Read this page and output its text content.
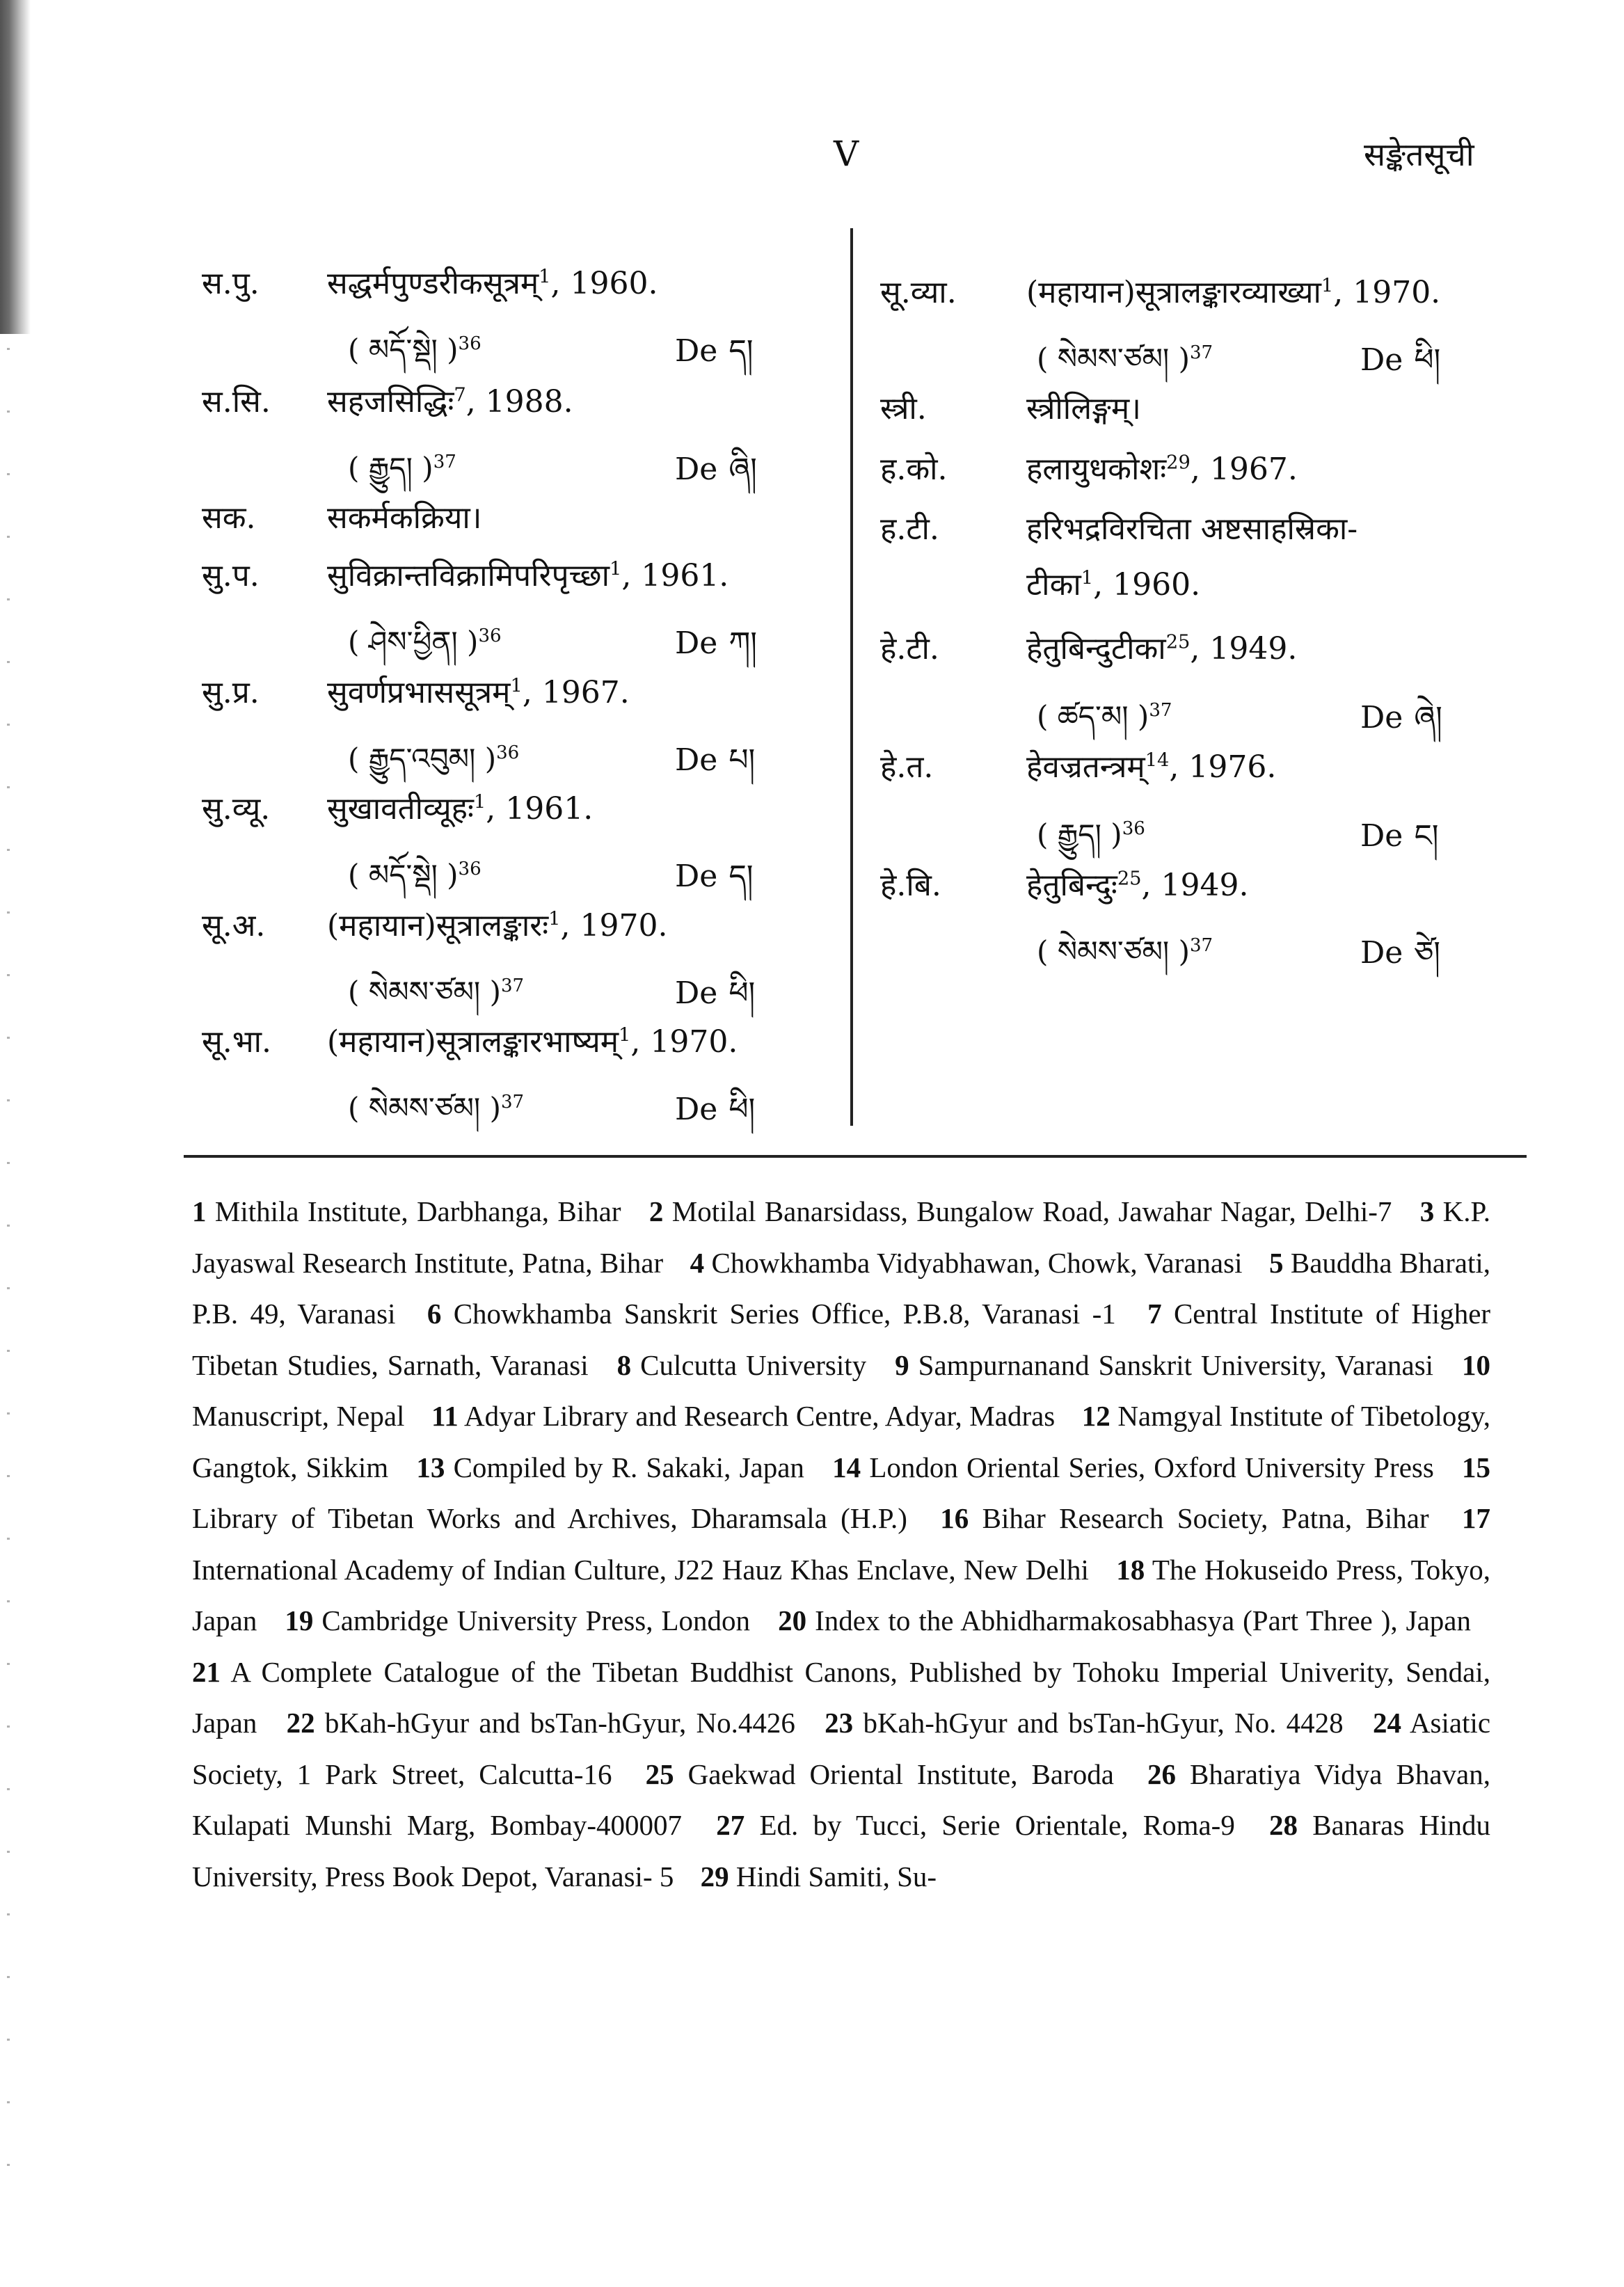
V	सङ्केतसूची
स.पु. सद्धर्मपुण्डरीकसूत्रम्$^1$, 1960.
( མདོ་སྡེ། )$^{36}$	De ད།
स.सि. सहजसिद्धिः$^7$, 1988.
( རྒྱུད། )$^{37}$	De ཞི།
सक. सकर्मकक्रिया।
सु.प. सुविक्रान्तविक्रामिपरिपृच्छा$^1$, 1961.
( ཤེས་ཕྱིན། )$^{36}$	De ཀ།
सु.प्र. सुवर्णप्रभाससूत्रम्$^1$, 1967.
( རྒྱུད་འབུམ། )$^{36}$	De པ།
सु.व्यू. सुखावतीव्यूहः$^1$, 1961.
( མདོ་སྡེ། )$^{36}$	De ད།
सू.अ. (महायान)सूत्रालङ्कारः$^1$, 1970.
( སེམས་ཙམ། )$^{37}$	De ཕི།
सू.भा. (महायान)सूत्रालङ्कारभाष्यम्$^1$, 1970.
( སེམས་ཙམ། )$^{37}$	De ཕི།
सू.व्या. (महायान)सूत्रालङ्कारव्याख्या$^1$, 1970.
( སེམས་ཙམ། )$^{37}$	De ཕི།
स्त्री.	स्त्रीलिङ्गम्।
ह.को.	हलायुधकोशः$^{29}$, 1967.
ह.टी.	हरिभद्रविरचिता अष्टसाहस्रिका-
टीका$^1$, 1960.
हे.टी.	हेतुबिन्दुटीका$^{25}$, 1949.
( ཚད་མ། )$^{37}$	De ཞེ།
हे.त.	हेवज्रतन्त्रम्$^{14}$, 1976.
( རྒྱུད། )$^{36}$	De ང།
हे.बि.	हेतुबिन्दुः$^{25}$, 1949.
( སེམས་ཙམ། )$^{37}$	De ཙེ།
1 Mithila Institute, Darbhanga, Bihar 2 Motilal Banarsidass, Bungalow Road, Jawahar Nagar, Delhi-7 3 K.P. Jayaswal Research Institute, Patna, Bihar 4 Chowkhamba Vidyabhawan, Chowk, Varanasi 5 Bauddha Bharati, P.B. 49, Varanasi 6 Chowkhamba Sanskrit Series Office, P.B.8, Varanasi -1 7 Central Institute of Higher Tibetan Studies, Sarnath, Varanasi 8 Culcutta University 9 Sampurnanand Sanskrit University, Varanasi 10 Manuscript, Nepal 11 Adyar Library and Research Centre, Adyar, Madras 12 Namgyal Institute of Tibetology, Gangtok, Sikkim 13 Compiled by R. Sakaki, Japan 14 London Oriental Series, Oxford University Press 15 Library of Tibetan Works and Archives, Dharamsala (H.P.) 16 Bihar Research Society, Patna, Bihar 17 International Academy of Indian Culture, J22 Hauz Khas Enclave, New Delhi 18 The Hokuseido Press, Tokyo, Japan 19 Cambridge University Press, London 20 Index to the Abhidharmakosabhasya (Part Three ), Japan 21 A Complete Catalogue of the Tibetan Buddhist Canons, Published by Tohoku Imperial Univerity, Sendai, Japan 22 bKah-hGyur and bsTan-hGyur, No.4426 23 bKah-hGyur and bsTan-hGyur, No. 4428 24 Asiatic Society, 1 Park Street, Calcutta-16 25 Gaekwad Oriental Institute, Baroda 26 Bharatiya Vidya Bhavan, Kulapati Munshi Marg, Bombay-400007 27 Ed. by Tucci, Serie Orientale, Roma-9 28 Banaras Hindu University, Press Book Depot, Varanasi- 5 29 Hindi Samiti, Su-
